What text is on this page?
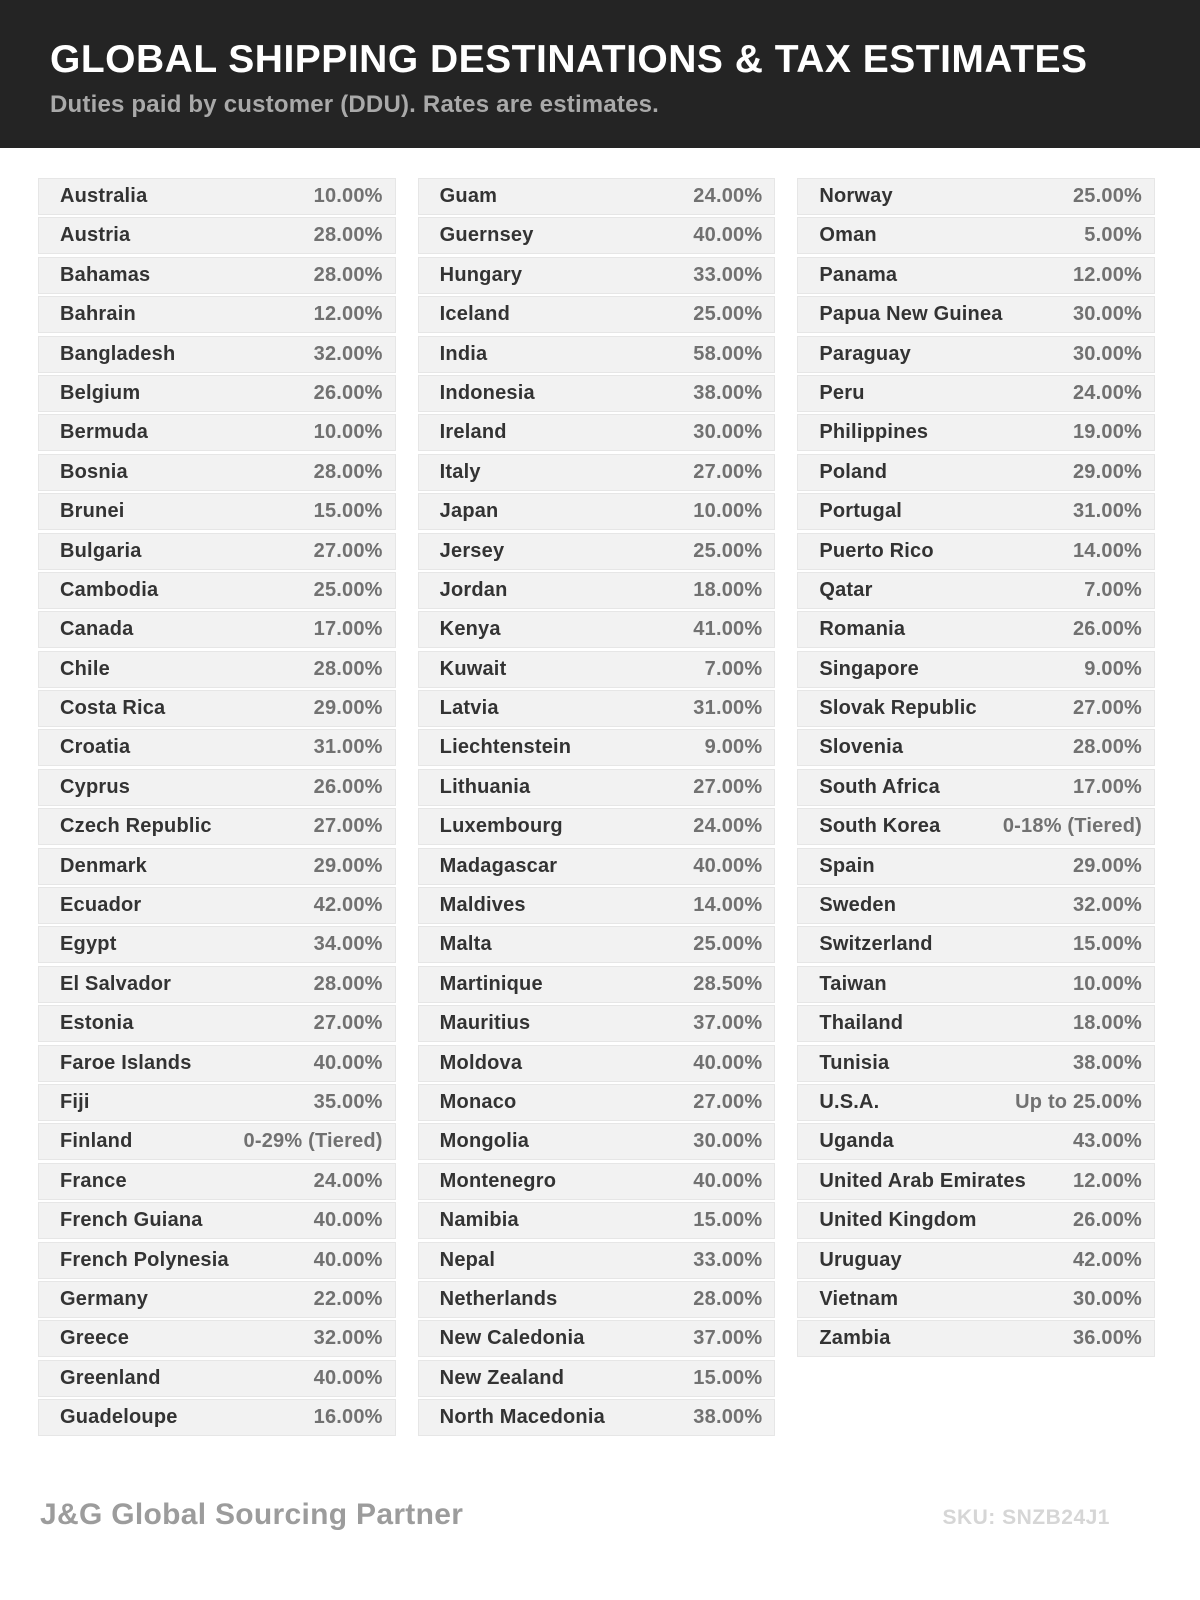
GLOBAL SHIPPING DESTINATIONS & TAX ESTIMATES
Duties paid by customer (DDU). Rates are estimates.
Australia	10.00%
Austria	28.00%
Bahamas	28.00%
Bahrain	12.00%
Bangladesh	32.00%
Belgium	26.00%
Bermuda	10.00%
Bosnia	28.00%
Brunei	15.00%
Bulgaria	27.00%
Cambodia	25.00%
Canada	17.00%
Chile	28.00%
Costa Rica	29.00%
Croatia	31.00%
Cyprus	26.00%
Czech Republic	27.00%
Denmark	29.00%
Ecuador	42.00%
Egypt	34.00%
El Salvador	28.00%
Estonia	27.00%
Faroe Islands	40.00%
Fiji	35.00%
Finland	0-29% (Tiered)
France	24.00%
French Guiana	40.00%
French Polynesia	40.00%
Germany	22.00%
Greece	32.00%
Greenland	40.00%
Guadeloupe	16.00%
Guam	24.00%
Guernsey	40.00%
Hungary	33.00%
Iceland	25.00%
India	58.00%
Indonesia	38.00%
Ireland	30.00%
Italy	27.00%
Japan	10.00%
Jersey	25.00%
Jordan	18.00%
Kenya	41.00%
Kuwait	7.00%
Latvia	31.00%
Liechtenstein	9.00%
Lithuania	27.00%
Luxembourg	24.00%
Madagascar	40.00%
Maldives	14.00%
Malta	25.00%
Martinique	28.50%
Mauritius	37.00%
Moldova	40.00%
Monaco	27.00%
Mongolia	30.00%
Montenegro	40.00%
Namibia	15.00%
Nepal	33.00%
Netherlands	28.00%
New Caledonia	37.00%
New Zealand	15.00%
North Macedonia	38.00%
Norway	25.00%
Oman	5.00%
Panama	12.00%
Papua New Guinea	30.00%
Paraguay	30.00%
Peru	24.00%
Philippines	19.00%
Poland	29.00%
Portugal	31.00%
Puerto Rico	14.00%
Qatar	7.00%
Romania	26.00%
Singapore	9.00%
Slovak Republic	27.00%
Slovenia	28.00%
South Africa	17.00%
South Korea	0-18% (Tiered)
Spain	29.00%
Sweden	32.00%
Switzerland	15.00%
Taiwan	10.00%
Thailand	18.00%
Tunisia	38.00%
U.S.A.	Up to 25.00%
Uganda	43.00%
United Arab Emirates 12.00%
United Kingdom	26.00%
Uruguay	42.00%
Vietnam	30.00%
Zambia	36.00%
J&G Global Sourcing Partner	SKU: SNZB24J1
